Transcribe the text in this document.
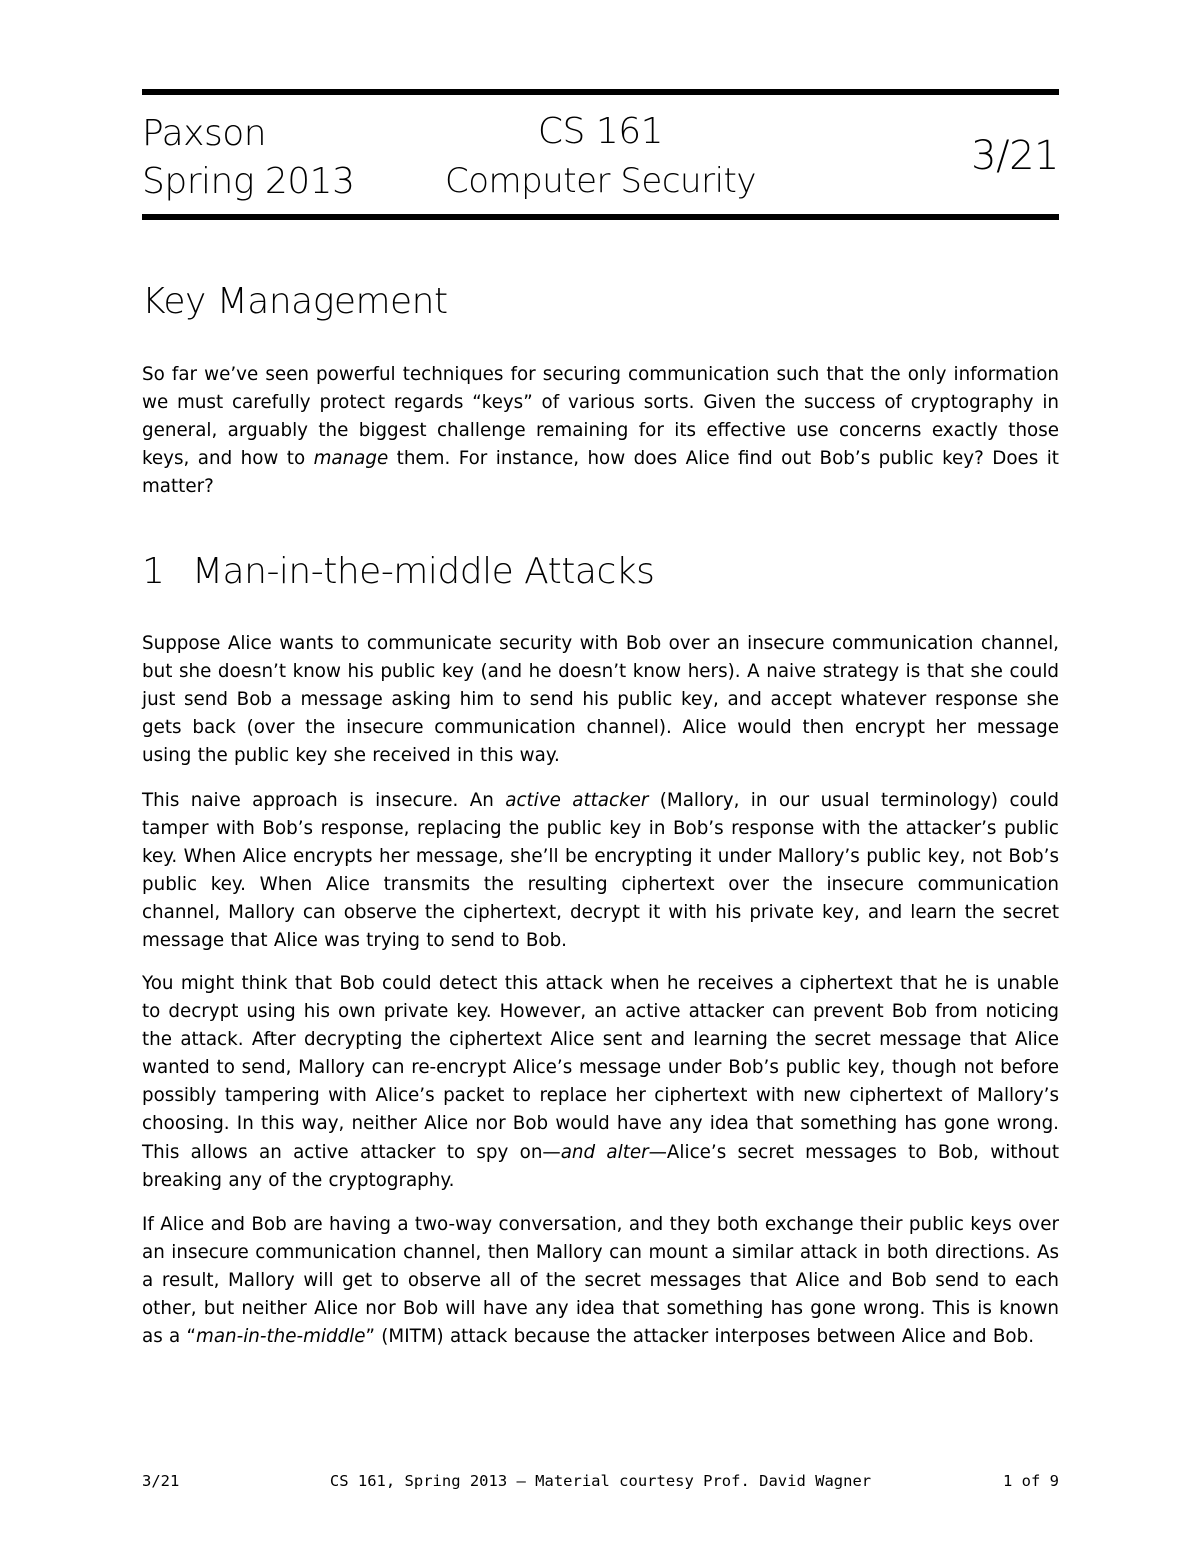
Paxson
Spring 2013
CS 161
Computer Security
3/21
Key Management

So far we’ve seen powerful techniques for securing communication such that the only information we must carefully protect regards “keys” of various sorts. Given the success of cryptography in general, arguably the biggest challenge remaining for its effective use concerns exactly those keys, and how to manage them. For instance, how does Alice find out Bob’s public key? Does it matter?

1 Man-in-the-middle Attacks

Suppose Alice wants to communicate security with Bob over an insecure communication channel, but she doesn’t know his public key (and he doesn’t know hers). A naive strategy is that she could just send Bob a message asking him to send his public key, and accept whatever response she gets back (over the insecure communication channel). Alice would then encrypt her message using the public key she received in this way.

This naive approach is insecure. An active attacker (Mallory, in our usual terminology) could tamper with Bob’s response, replacing the public key in Bob’s response with the attacker’s public key. When Alice encrypts her message, she’ll be encrypting it under Mallory’s public key, not Bob’s public key. When Alice transmits the resulting ciphertext over the insecure communication channel, Mallory can observe the ciphertext, decrypt it with his private key, and learn the secret message that Alice was trying to send to Bob.

You might think that Bob could detect this attack when he receives a ciphertext that he is unable to decrypt using his own private key. However, an active attacker can prevent Bob from noticing the attack. After decrypting the ciphertext Alice sent and learning the secret message that Alice wanted to send, Mallory can re-encrypt Alice’s message under Bob’s public key, though not before possibly tampering with Alice’s packet to replace her ciphertext with new ciphertext of Mallory’s choosing. In this way, neither Alice nor Bob would have any idea that something has gone wrong. This allows an active attacker to spy on—and alter—Alice’s secret messages to Bob, without breaking any of the cryptography.

If Alice and Bob are having a two-way conversation, and they both exchange their public keys over an insecure communication channel, then Mallory can mount a similar attack in both directions. As a result, Mallory will get to observe all of the secret messages that Alice and Bob send to each other, but neither Alice nor Bob will have any idea that something has gone wrong. This is known as a “man-in-the-middle” (MITM) attack because the attacker interposes between Alice and Bob.

3/21	CS 161, Spring 2013 — Material courtesy Prof. David Wagner	1 of 9
